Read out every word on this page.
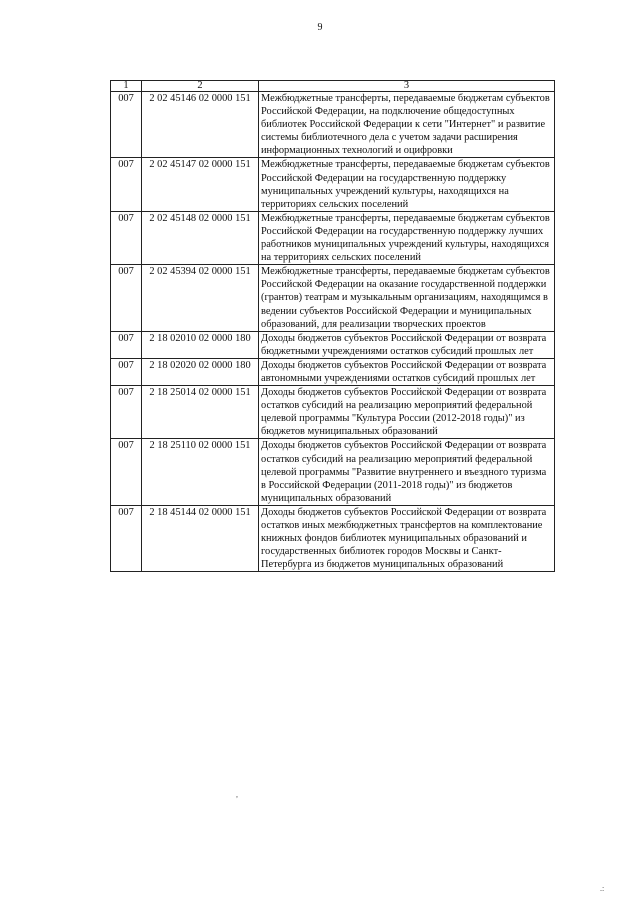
9
1	2	3
007	2 02 45146 02 0000 151	Межбюджетные трансферты, передаваемые бюджетам субъектов Российской Федерации, на подключение общедоступных библиотек Российской Федерации к сети "Интернет" и развитие системы библиотечного дела с учетом задачи расширения информационных технологий и оцифровки
007	2 02 45147 02 0000 151	Межбюджетные трансферты, передаваемые бюджетам субъектов Российской Федерации на государственную поддержку муниципальных учреждений культуры, находящихся на территориях сельских поселений
007	2 02 45148 02 0000 151	Межбюджетные трансферты, передаваемые бюджетам субъектов Российской Федерации на государственную поддержку лучших работников муниципальных учреждений культуры, находящихся на территориях сельских поселений
007	2 02 45394 02 0000 151	Межбюджетные трансферты, передаваемые бюджетам субъектов Российской Федерации на оказание государственной поддержки (грантов) театрам и музыкальным организациям, находящимся в ведении субъектов Российской Федерации и муниципальных образований, для реализации творческих проектов
007	2 18 02010 02 0000 180	Доходы бюджетов субъектов Российской Федерации от возврата бюджетными учреждениями остатков субсидий прошлых лет
007	2 18 02020 02 0000 180	Доходы бюджетов субъектов Российской Федерации от возврата автономными учреждениями остатков субсидий прошлых лет
007	2 18 25014 02 0000 151	Доходы бюджетов субъектов Российской Федерации от возврата остатков субсидий на реализацию мероприятий федеральной целевой программы "Культура России (2012-2018 годы)" из бюджетов муниципальных образований
007	2 18 25110 02 0000 151	Доходы бюджетов субъектов Российской Федерации от возврата остатков субсидий на реализацию мероприятий федеральной целевой программы "Развитие внутреннего и въездного туризма в Российской Федерации (2011-2018 годы)" из бюджетов муниципальных образований
007	2 18 45144 02 0000 151	Доходы бюджетов субъектов Российской Федерации от возврата остатков иных межбюджетных трансфертов на комплектование книжных фондов библиотек муниципальных образований и государственных библиотек городов Москвы и Санкт-Петербурга из бюджетов муниципальных образований
,
.:
